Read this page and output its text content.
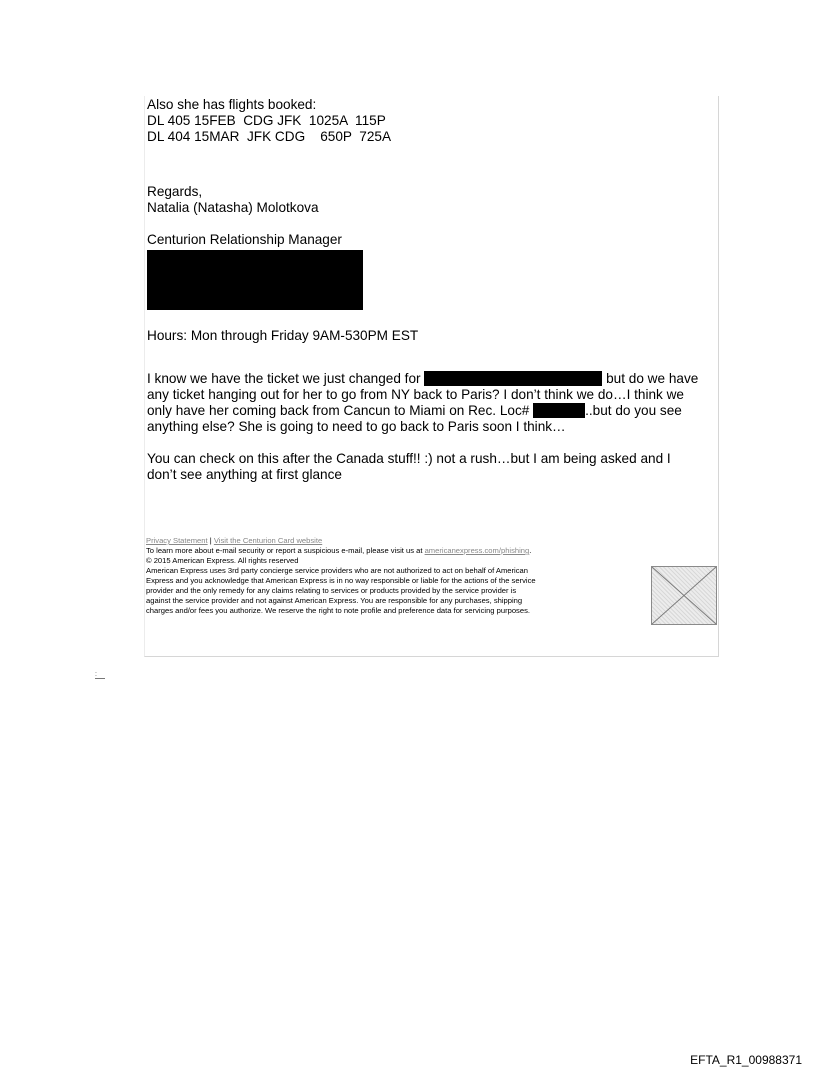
Also she has flights booked:
DL 405 15FEB  CDG JFK  1025A  115P
DL 404 15MAR  JFK CDG    650P  725A
Regards,
Natalia (Natasha) Molotkova
Centurion Relationship Manager
Hours: Mon through Friday 9AM-530PM EST
I know we have the ticket we just changed for	but do we have
any ticket hanging out for her to go from NY back to Paris? I don’t think we do…I think we
only have her coming back from Cancun to Miami on Rec. Loc#	..but do you see
anything else? She is going to need to go back to Paris soon I think…
You can check on this after the Canada stuff!! :) not a rush…but I am being asked and I
don’t see anything at first glance
Privacy Statement | Visit the Centurion Card website
To learn more about e-mail security or report a suspicious e-mail, please visit us at americanexpress.com/phishing.
© 2015 American Express. All rights reserved
American Express uses 3rd party concierge service providers who are not authorized to act on behalf of American
Express and you acknowledge that American Express is in no way responsible or liable for the actions of the service
provider and the only remedy for any claims relating to services or products provided by the service provider is
against the service provider and not against American Express. You are responsible for any purchases, shipping
charges and/or fees you authorize. We reserve the right to note profile and preference data for servicing purposes.
:
EFTA_R1_00988371
